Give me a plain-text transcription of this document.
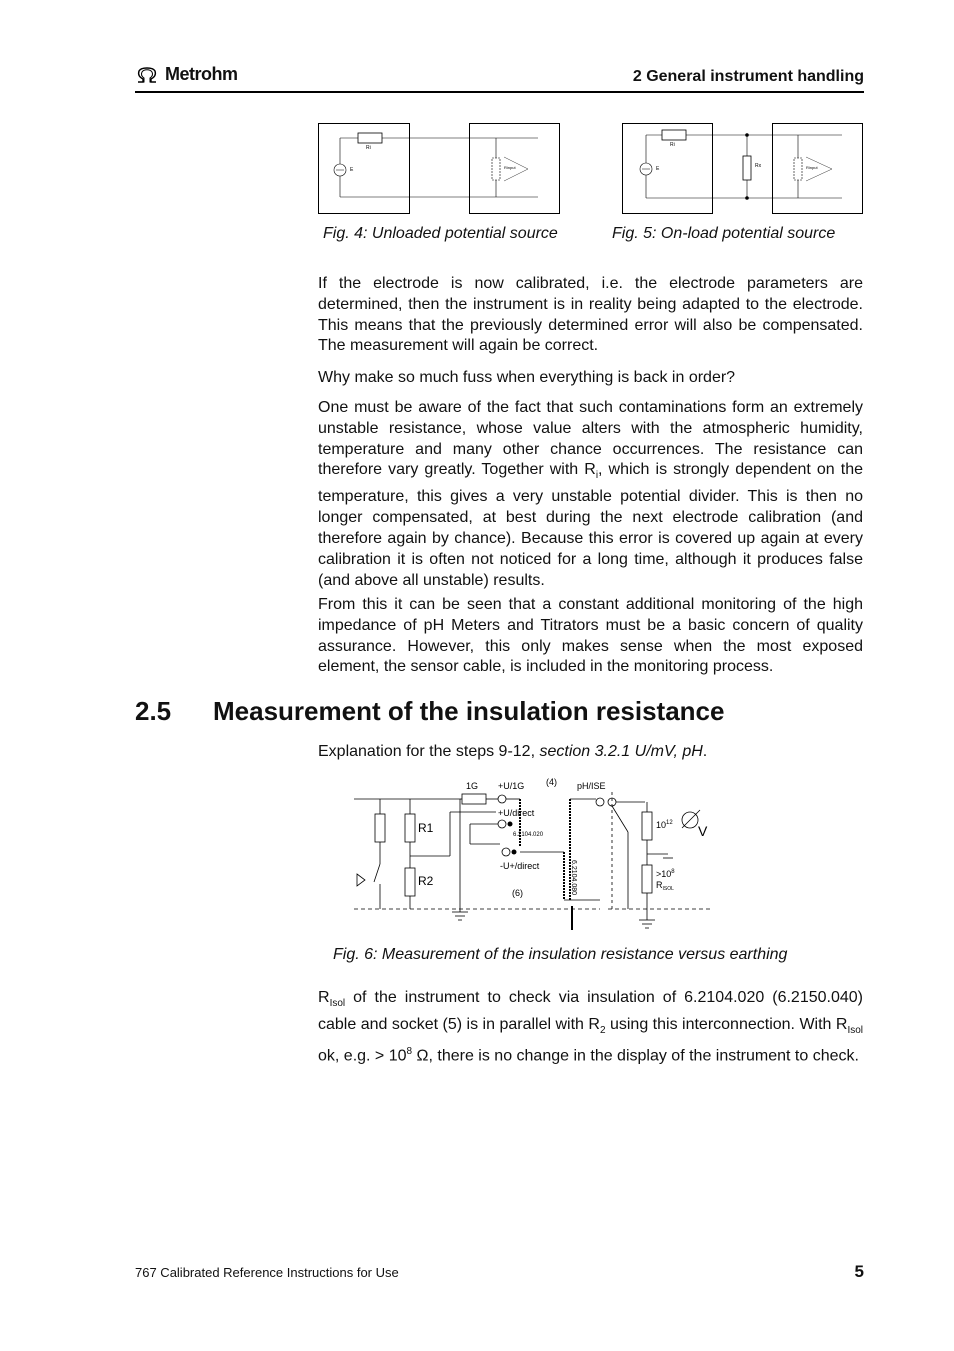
Metrohm	2 General instrument handling
Ri
E	Rinput
Fig. 4: Unloaded potential source
Ri
E	Rx	Rinput
Fig. 5: On-load potential source

If the electrode is now calibrated, i.e. the electrode parameters are determined, then the instrument is in reality being adapted to the electrode. This means that the previously determined error will also be compensated. The measurement will again be correct.

Why make so much fuss when everything is back in order?

One must be aware of the fact that such contaminations form an extremely unstable resistance, whose value alters with the atmospheric humidity, temperature and many other chance occurrences. The resistance can therefore vary greatly. Together with $R_i$, which is strongly dependent on the temperature, this gives a very unstable potential divider. This is then no longer compensated, at best during the next electrode calibration (and therefore again by chance). Because this error is covered up again at every calibration it is often not noticed for a long time, although it produces false (and above all unstable) results.

From this it can be seen that a constant additional monitoring of the high impedance of pH Meters and Titrators must be a basic concern of quality assurance. However, this only makes sense when the most exposed element, the sensor cable, is included in the monitoring process.

2.5 Measurement of the insulation resistance

Explanation for the steps 9-12, section 3.2.1 U/mV, pH.

R1
R2
1G +U/1G (4)
+U/direct
6.2104.020
-U+/direct	6.2104.080
(6)
pH/ISE
$10^{12}$
$>10^8$
$R_{ISOL}$
V
Fig. 6: Measurement of the insulation resistance versus earthing

$R_{Isol}$ of the instrument to check via insulation of 6.2104.020 (6.2150.040) cable and socket (5) is in parallel with $R_2$ using this interconnection. With $R_{Isol}$ ok, e.g. > $10^8$ Ω, there is no change in the display of the instrument to check.

767 Calibrated Reference Instructions for Use	5
